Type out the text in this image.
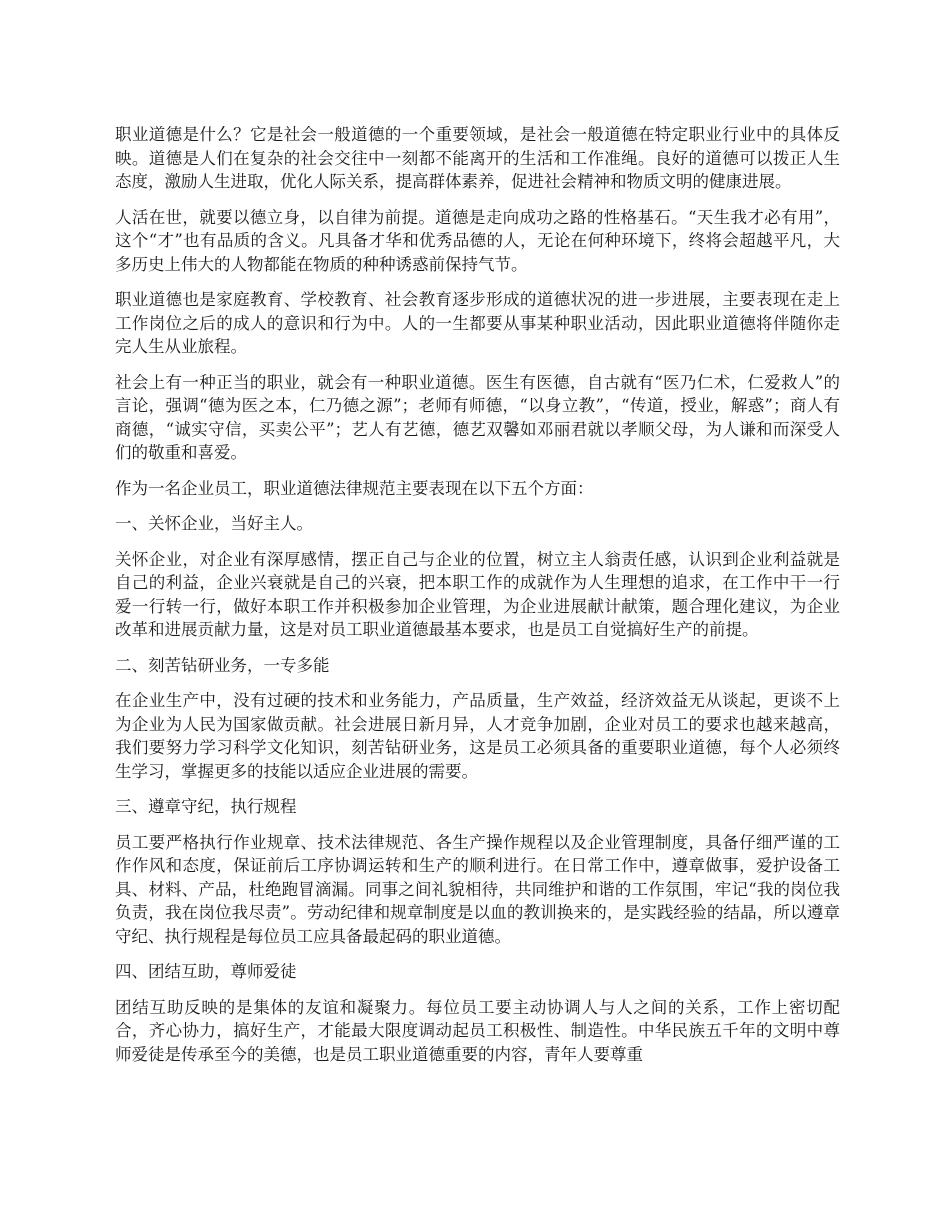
职业道德是什么？它是社会一般道德的一个重要领域，是社会一般道德在特定职业行业中的具体反映。道德是人们在复杂的社会交往中一刻都不能离开的生活和工作准绳。良好的道德可以拨正人生态度，激励人生进取，优化人际关系，提高群体素养，促进社会精神和物质文明的健康进展。

人活在世，就要以德立身，以自律为前提。道德是走向成功之路的性格基石。“天生我才必有用”，这个“才”也有品质的含义。凡具备才华和优秀品德的人，无论在何种环境下，终将会超越平凡，大多历史上伟大的人物都能在物质的种种诱惑前保持气节。

职业道德也是家庭教育、学校教育、社会教育逐步形成的道德状况的进一步进展，主要表现在走上工作岗位之后的成人的意识和行为中。人的一生都要从事某种职业活动，因此职业道德将伴随你走完人生从业旅程。

社会上有一种正当的职业，就会有一种职业道德。医生有医德，自古就有“医乃仁术，仁爱救人”的言论，强调“德为医之本，仁乃德之源”；老师有师德，“以身立教”，“传道，授业，解惑”；商人有商德，“诚实守信，买卖公平”；艺人有艺德，德艺双馨如邓丽君就以孝顺父母，为人谦和而深受人们的敬重和喜爱。

作为一名企业员工，职业道德法律规范主要表现在以下五个方面：

一、关怀企业，当好主人。

关怀企业，对企业有深厚感情，摆正自己与企业的位置，树立主人翁责任感，认识到企业利益就是自己的利益，企业兴衰就是自己的兴衰，把本职工作的成就作为人生理想的追求，在工作中干一行爱一行转一行，做好本职工作并积极参加企业管理，为企业进展献计献策，题合理化建议，为企业改革和进展贡献力量，这是对员工职业道德最基本要求，也是员工自觉搞好生产的前提。

二、刻苦钻研业务，一专多能

在企业生产中，没有过硬的技术和业务能力，产品质量，生产效益，经济效益无从谈起，更谈不上为企业为人民为国家做贡献。社会进展日新月异，人才竞争加剧，企业对员工的要求也越来越高，我们要努力学习科学文化知识，刻苦钻研业务，这是员工必须具备的重要职业道德，每个人必须终生学习，掌握更多的技能以适应企业进展的需要。

三、遵章守纪，执行规程

员工要严格执行作业规章、技术法律规范、各生产操作规程以及企业管理制度，具备仔细严谨的工作作风和态度，保证前后工序协调运转和生产的顺利进行。在日常工作中，遵章做事，爱护设备工具、材料、产品，杜绝跑冒滴漏。同事之间礼貌相待，共同维护和谐的工作氛围，牢记“我的岗位我负责，我在岗位我尽责”。劳动纪律和规章制度是以血的教训换来的，是实践经验的结晶，所以遵章守纪、执行规程是每位员工应具备最起码的职业道德。

四、团结互助，尊师爱徒

团结互助反映的是集体的友谊和凝聚力。每位员工要主动协调人与人之间的关系，工作上密切配合，齐心协力，搞好生产，才能最大限度调动起员工积极性、制造性。中华民族五千年的文明中尊师爱徒是传承至今的美德，也是员工职业道德重要的内容，青年人要尊重
